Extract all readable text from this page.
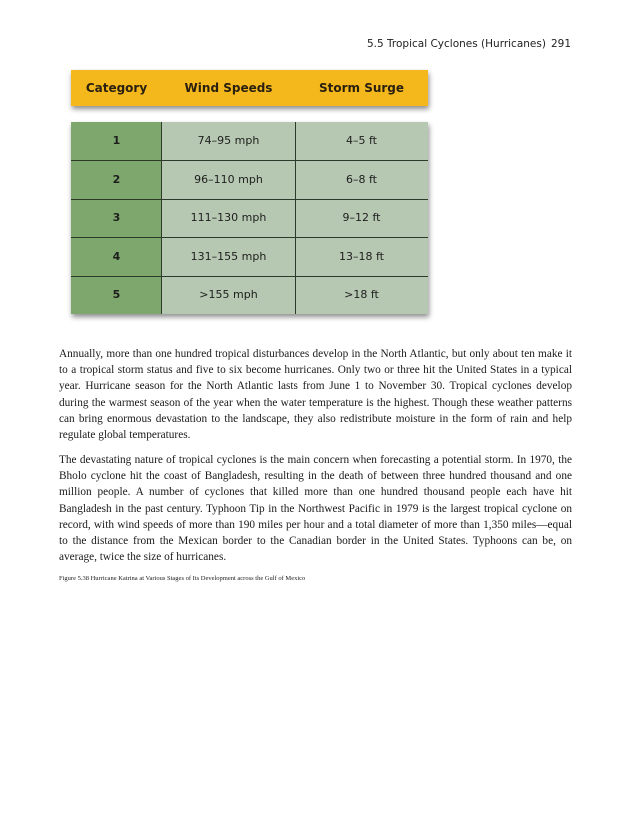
5.5 Tropical Cyclones (Hurricanes) 291
Category	Wind Speeds	Storm Surge
1	74–95 mph	4–5 ft
2	96–110 mph	6–8 ft
3	111–130 mph	9–12 ft
4	131–155 mph	13–18 ft
5	>155 mph	>18 ft

Annually, more than one hundred tropical disturbances develop in the North Atlantic, but only about ten make it to a tropical storm status and five to six become hurricanes. Only two or three hit the United States in a typical year. Hurricane season for the North Atlantic lasts from June 1 to November 30. Tropical cyclones develop during the warmest season of the year when the water temperature is the highest. Though these weather patterns can bring enormous devastation to the landscape, they also redistribute moisture in the form of rain and help regulate global temperatures.

The devastating nature of tropical cyclones is the main concern when forecasting a potential storm. In 1970, the Bholo cyclone hit the coast of Bangladesh, resulting in the death of between three hundred thousand and one million people. A number of cyclones that killed more than one hundred thousand people each have hit Bangladesh in the past century. Typhoon Tip in the Northwest Pacific in 1979 is the largest tropical cyclone on record, with wind speeds of more than 190 miles per hour and a total diameter of more than 1,350 miles—equal to the distance from the Mexican border to the Canadian border in the United States. Typhoons can be, on average, twice the size of hurricanes.

Figure 5.38 Hurricane Katrina at Various Stages of Its Development across the Gulf of Mexico
